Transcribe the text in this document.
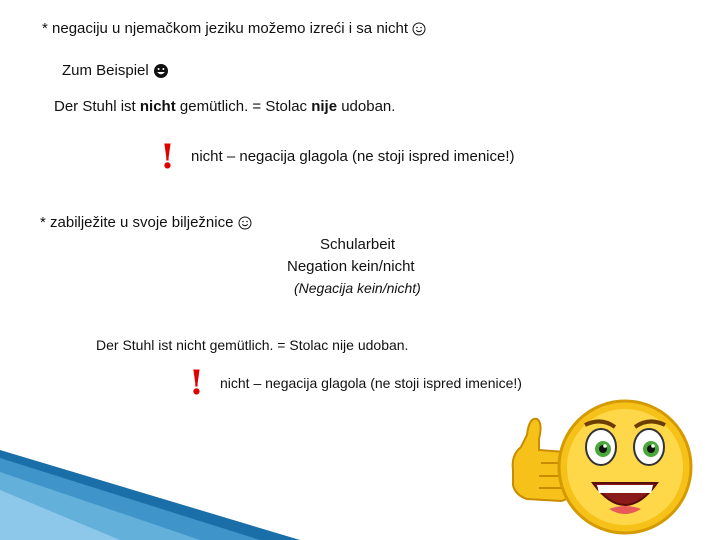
* negaciju u njemačkom jeziku možemo izreći i sa nicht
Zum Beispiel
Der Stuhl ist nicht gemütlich. = Stolac nije udoban.
! nicht – negacija glagola (ne stoji ispred imenice!)
* zabilježite u svoje bilježnice
Schularbeit
Negation kein/nicht
(Negacija kein/nicht)
Der Stuhl ist nicht gemütlich. = Stolac nije udoban.
! nicht – negacija glagola (ne stoji ispred imenice!)
